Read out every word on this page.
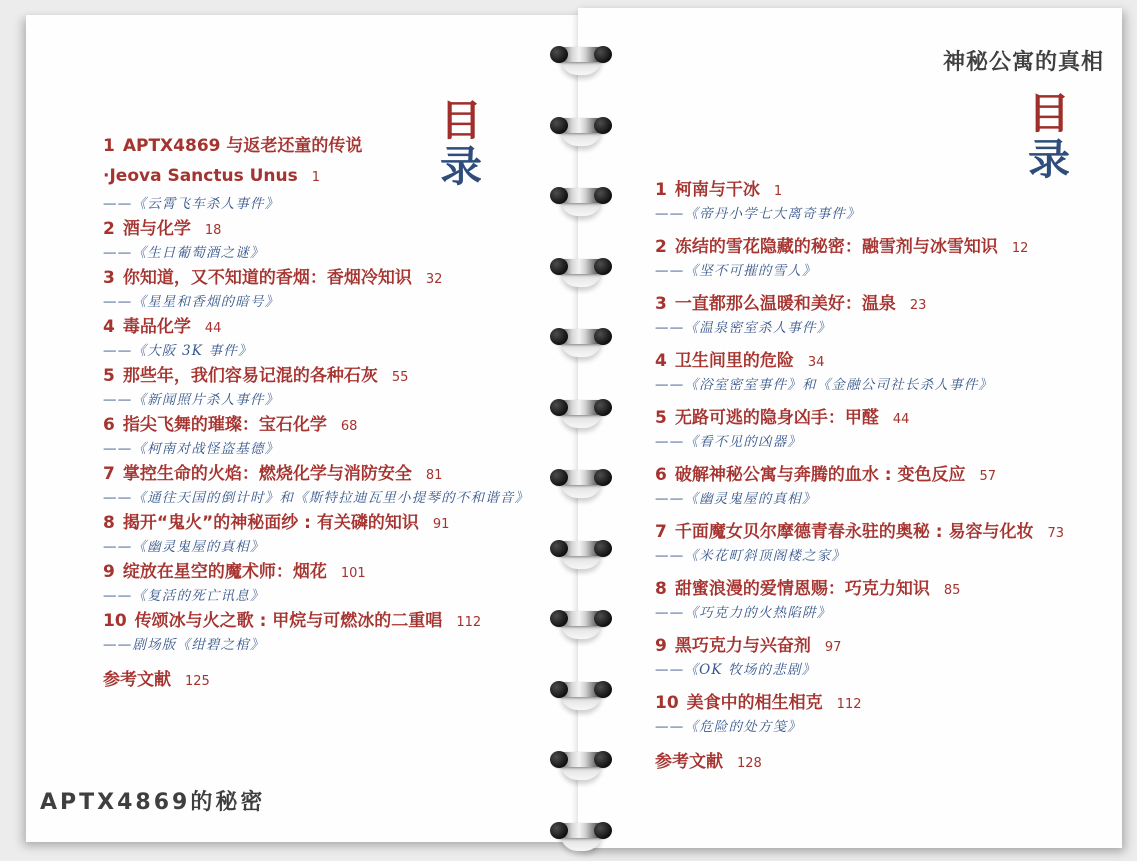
目
录
1 APTX4869 与返老还童的传说
·Jeova Sanctus Unus 1
——《云霄飞车杀人事件》
2 酒与化学 18
——《生日葡萄酒之谜》
3 你知道，又不知道的香烟：香烟冷知识 32
——《星星和香烟的暗号》
4 毒品化学 44
——《大阪 3K 事件》
5 那些年，我们容易记混的各种石灰 55
——《新闻照片杀人事件》
6 指尖飞舞的璀璨：宝石化学 68
——《柯南对战怪盗基德》
7 掌控生命的火焰：燃烧化学与消防安全 81
——《通往天国的倒计时》和《斯特拉迪瓦里小提琴的不和谐音》
8 揭开“鬼火”的神秘面纱 : 有关磷的知识 91
——《幽灵鬼屋的真相》
9 绽放在星空的魔术师：烟花 101
——《复活的死亡讯息》
10 传颂冰与火之歌 : 甲烷与可燃冰的二重唱 112
——剧场版《绀碧之棺》
参考文献 125
APTX4869的秘密
神秘公寓的真相
目
录
1 柯南与干冰 1
——《帝丹小学七大离奇事件》
2 冻结的雪花隐藏的秘密：融雪剂与冰雪知识 12
——《坚不可摧的雪人》
3 一直都那么温暖和美好：温泉 23
——《温泉密室杀人事件》
4 卫生间里的危险 34
——《浴室密室事件》和《金融公司社长杀人事件》
5 无路可逃的隐身凶手：甲醛 44
——《看不见的凶器》
6 破解神秘公寓与奔腾的血水 : 变色反应 57
——《幽灵鬼屋的真相》
7 千面魔女贝尔摩德青春永驻的奥秘 : 易容与化妆 73
——《米花町斜顶阁楼之家》
8 甜蜜浪漫的爱情恩赐：巧克力知识 85
——《巧克力的火热陷阱》
9 黑巧克力与兴奋剂 97
——《OK 牧场的悲剧》
10 美食中的相生相克 112
——《危险的处方笺》
参考文献 128
